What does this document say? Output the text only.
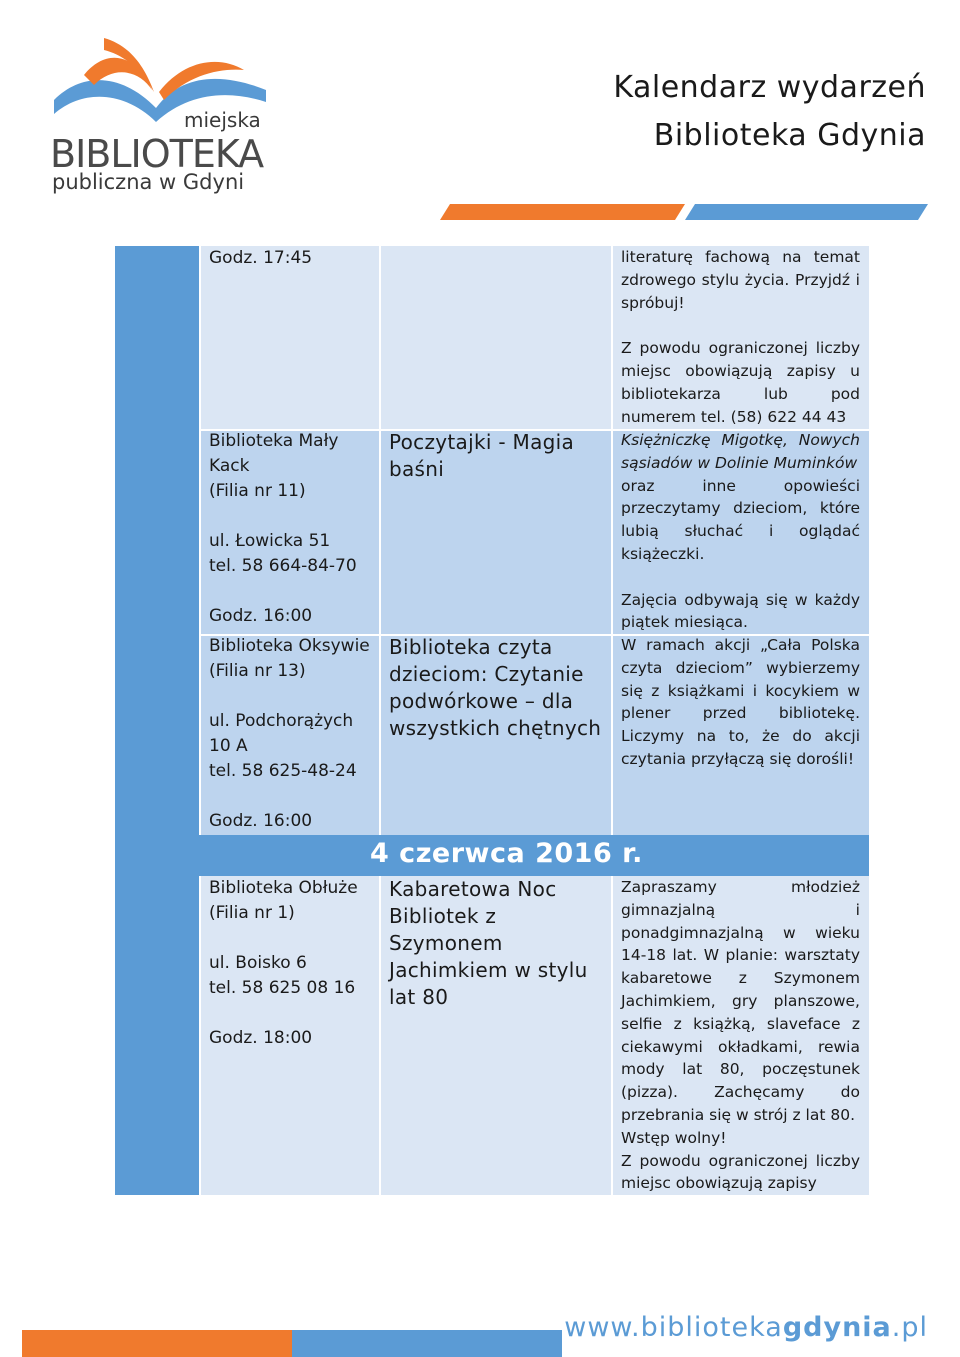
miejska
BIBLIOTEKA
publiczna w Gdyni
Kalendarz wydarzeń
Biblioteka Gdynia
Godz. 17:45	literaturę fachową na temat zdrowego stylu życia. Przyjdź i spróbuj!

Z powodu ograniczonej liczby miejsc obowiązują zapisy u bibliotekarza lub pod numerem tel. (58) 622 44 43

Biblioteka Mały

Kack

(Filia nr 11)

ul. Łowicka 51

tel. 58 664-84-70

Godz. 16:00

Poczytajki - Magia baśni

Księżniczkę Migotkę, Nowych sąsiadów w Dolinie Muminków

oraz inne opowieści przeczytamy dzieciom, które lubią słuchać i oglądać książeczki.

Zajęcia odbywają się w każdy piątek miesiąca.

Biblioteka Oksywie

(Filia nr 13)

ul. Podchorążych

10 A

tel. 58 625-48-24

Godz. 16:00

Biblioteka czyta dzieciom: Czytanie podwórkowe – dla wszystkich chętnych

W ramach akcji „Cała Polska czyta dzieciom” wybierzemy się z książkami i kocykiem w plener przed bibliotekę. Liczymy na to, że do akcji czytania przyłączą się dorośli!

4 czerwca 2016 r.

Biblioteka Obłuże

(Filia nr 1)

ul. Boisko 6

tel. 58 625 08 16

Godz. 18:00

Kabaretowa Noc Bibliotek z Szymonem Jachimkiem w stylu lat 80

Zapraszamy młodzież gimnazjalną i ponadgimnazjalną w wieku 14-18 lat. W planie: warsztaty kabaretowe z Szymonem Jachimkiem, gry planszowe, selfie z książką, slaveface z ciekawymi okładkami, rewia mody lat 80, poczęstunek (pizza). Zachęcamy do przebrania się w strój z lat 80.

Wstęp wolny!

Z powodu ograniczonej liczby miejsc obowiązują zapisy

www.bibliotekagdynia.pl
